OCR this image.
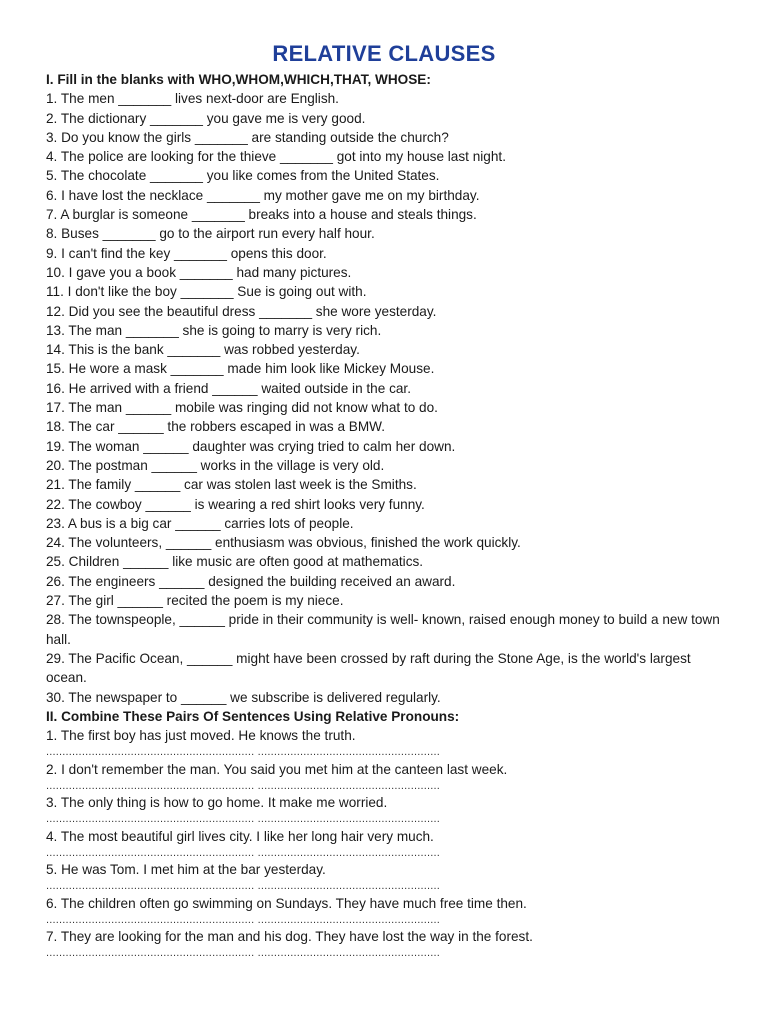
RELATIVE CLAUSES
I. Fill in the blanks with WHO,WHOM,WHICH,THAT, WHOSE:
1. The men _______ lives next-door are English.
2. The dictionary _______ you gave me is very good.
3. Do you know the girls _______ are standing outside the church?
4. The police are looking for the thieve _______ got into my house last night.
5. The chocolate _______ you like comes from the United States.
6. I have lost the necklace _______ my mother gave me on my birthday.
7. A burglar is someone _______ breaks into a house and steals things.
8. Buses _______ go to the airport run every half hour.
9. I can't find the key _______ opens this door.
10. I gave you a book _______ had many pictures.
11. I don't like the boy _______ Sue is going out with.
12. Did you see the beautiful dress _______ she wore yesterday.
13. The man _______ she is going to marry is very rich.
14. This is the bank _______ was robbed yesterday.
15. He wore a mask _______ made him look like Mickey Mouse.
16. He arrived with a friend ______ waited outside in the car.
17. The man ______ mobile was ringing did not know what to do.
18. The car ______ the robbers escaped in was a BMW.
19. The woman ______ daughter was crying tried to calm her down.
20. The postman ______ works in the village is very old.
21. The family ______ car was stolen last week is the Smiths.
22. The cowboy ______ is wearing a red shirt looks very funny.
23. A bus is a big car ______ carries lots of people.
24. The volunteers, ______ enthusiasm was obvious, finished the work quickly.
25. Children ______ like music are often good at mathematics.
26. The engineers ______ designed the building received an award.
27. The girl ______ recited the poem is my niece.
28. The townspeople, ______ pride in their community is well- known, raised enough money to build a new town hall.
29. The Pacific Ocean, ______ might have been crossed by raft during the Stone Age, is the world's largest ocean.
30. The newspaper to ______ we subscribe is delivered regularly.
II. Combine These Pairs Of Sentences Using Relative Pronouns:
1. The first boy has just moved. He knows the truth.
................................................................ ........................................................
2. I don't remember the man. You said you met him at the canteen last week.
................................................................ ........................................................
3. The only thing is how to go home. It make me worried.
................................................................ ........................................................
4. The most beautiful girl lives city. I like her long hair very much.
................................................................ ........................................................
5. He was Tom. I met him at the bar yesterday.
................................................................ ........................................................
6. The children often go swimming on Sundays. They have much free time then.
................................................................ ........................................................
7. They are looking for the man and his dog. They have lost the way in the forest.
................................................................ ........................................................
